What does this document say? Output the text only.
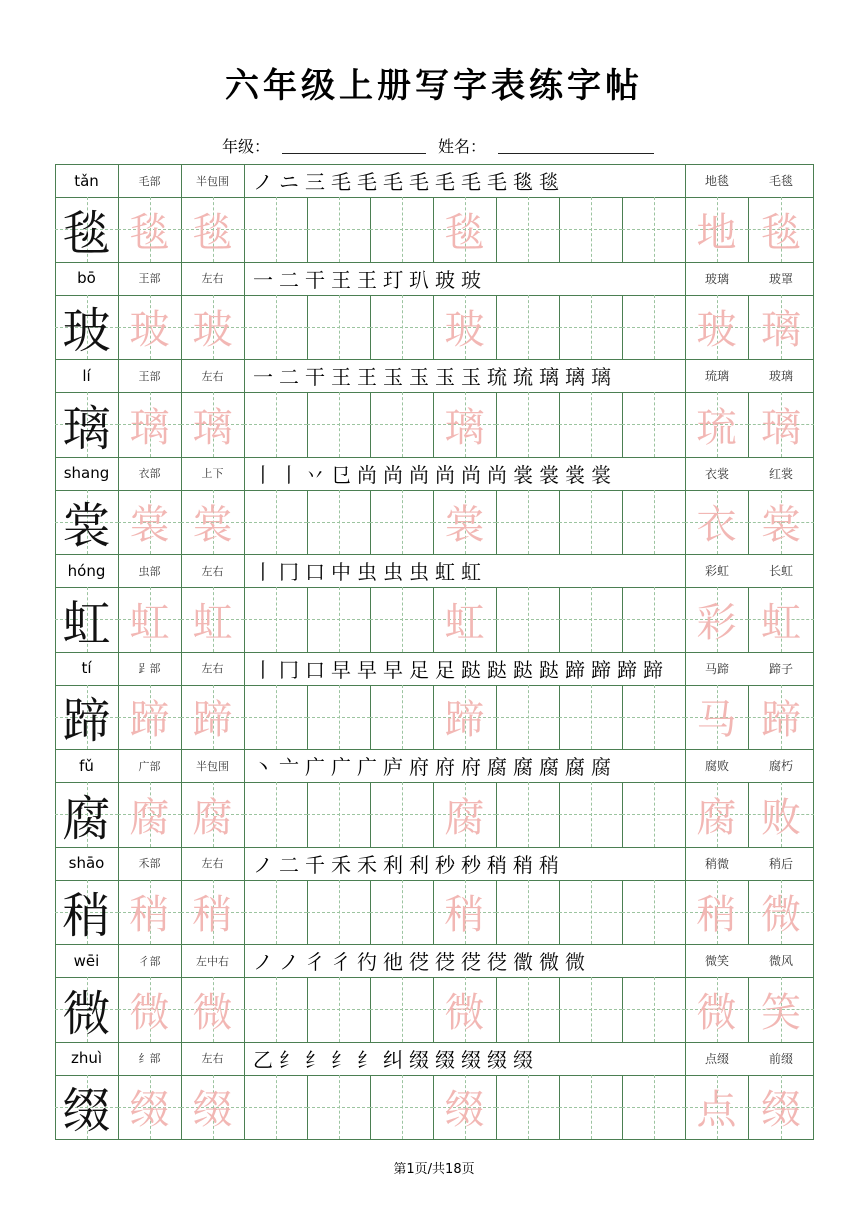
六年级上册写字表练字帖
年级：	姓名：
tǎn	毛部	半包围	ノ ニ 三 毛 毛 毛 毛 毛 毛 毛 毯 毯	地毯	毛毯
毯 毯 毯	毯	地 毯
bō	王部	左右	一 二 干 王 王 玎 玐 玻 玻	玻璃	玻罩
玻 玻 玻	玻	玻 璃
lí	王部	左右	一 二 干 王 王 玉 玉 玉 玉 琉 琉 璃 璃 璃	琉璃	玻璃
璃 璃 璃	璃	琉 璃
shang	衣部	上下	丨 丨 丷 㔾 尚 尚 尚 尚 尚 尚 裳 裳 裳 裳	衣裳	红裳
裳 裳 裳	裳	衣 裳
hóng	虫部	左右	丨 冂 口 中 虫 虫 虫 虹 虹	彩虹	长虹
虹 虹 虹	虹	彩 虹
tí	𧾷部	左右	丨 冂 口 早 早 早 足 足 跶 跶 跶 跶 蹄 蹄 蹄 蹄	马蹄	蹄子
蹄 蹄 蹄	蹄	马 蹄
fǔ	广部	半包围	丶 亠 广 广 广 庐 府 府 府 腐 腐 腐 腐 腐	腐败	腐朽
腐 腐 腐	腐	腐 败
shāo	禾部	左右	ノ 二 千 禾 禾 利 利 秒 秒 稍 稍 稍	稍微	稍后
稍 稍 稍	稍	稍 微
wēi	彳部	左中右	ノ ノ 彳 彳 彴 彵 徔 徔 徔 徔 徾 微 微	微笑	微风
微 微 微	微	微 笑
zhuì	纟部	左右	乙 纟 纟 纟 纟 纠 缀 缀 缀 缀 缀	点缀	前缀
缀 缀 缀	缀	点 缀
第1页/共18页
